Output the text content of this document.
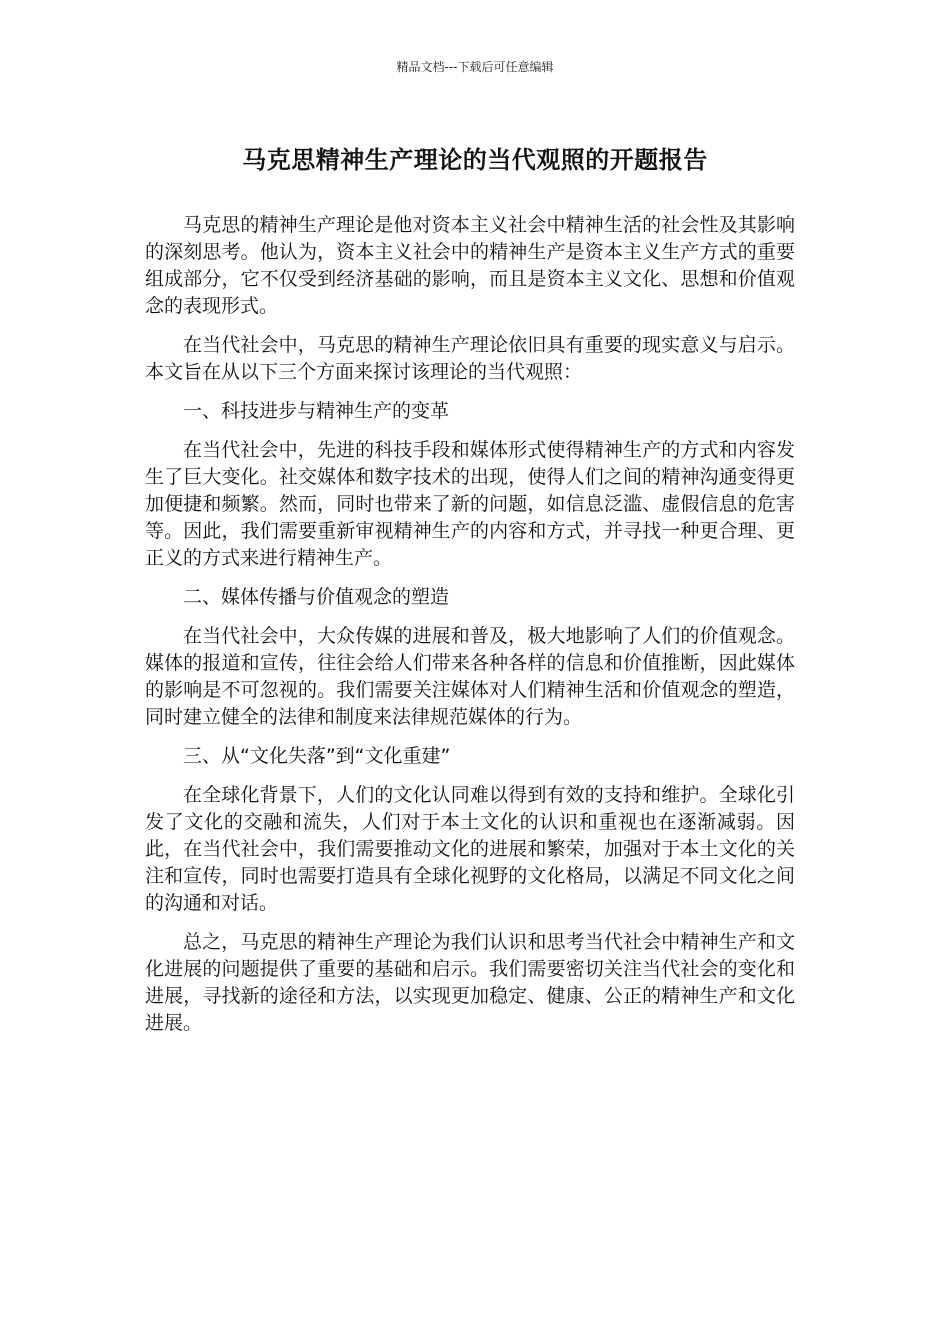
精品文档---下载后可任意编辑
马克思精神生产理论的当代观照的开题报告

马克思的精神生产理论是他对资本主义社会中精神生活的社会性及其影响的深刻思考。他认为，资本主义社会中的精神生产是资本主义生产方式的重要组成部分，它不仅受到经济基础的影响，而且是资本主义文化、思想和价值观念的表现形式。

在当代社会中，马克思的精神生产理论依旧具有重要的现实意义与启示。本文旨在从以下三个方面来探讨该理论的当代观照：

一、科技进步与精神生产的变革

在当代社会中，先进的科技手段和媒体形式使得精神生产的方式和内容发生了巨大变化。社交媒体和数字技术的出现，使得人们之间的精神沟通变得更加便捷和频繁。然而，同时也带来了新的问题，如信息泛滥、虚假信息的危害等。因此，我们需要重新审视精神生产的内容和方式，并寻找一种更合理、更正义的方式来进行精神生产。

二、媒体传播与价值观念的塑造

在当代社会中，大众传媒的进展和普及，极大地影响了人们的价值观念。媒体的报道和宣传，往往会给人们带来各种各样的信息和价值推断，因此媒体的影响是不可忽视的。我们需要关注媒体对人们精神生活和价值观念的塑造，同时建立健全的法律和制度来法律规范媒体的行为。

三、从“文化失落”到“文化重建”

在全球化背景下，人们的文化认同难以得到有效的支持和维护。全球化引发了文化的交融和流失，人们对于本土文化的认识和重视也在逐渐减弱。因此，在当代社会中，我们需要推动文化的进展和繁荣，加强对于本土文化的关注和宣传，同时也需要打造具有全球化视野的文化格局，以满足不同文化之间的沟通和对话。

总之，马克思的精神生产理论为我们认识和思考当代社会中精神生产和文化进展的问题提供了重要的基础和启示。我们需要密切关注当代社会的变化和进展，寻找新的途径和方法，以实现更加稳定、健康、公正的精神生产和文化进展。
